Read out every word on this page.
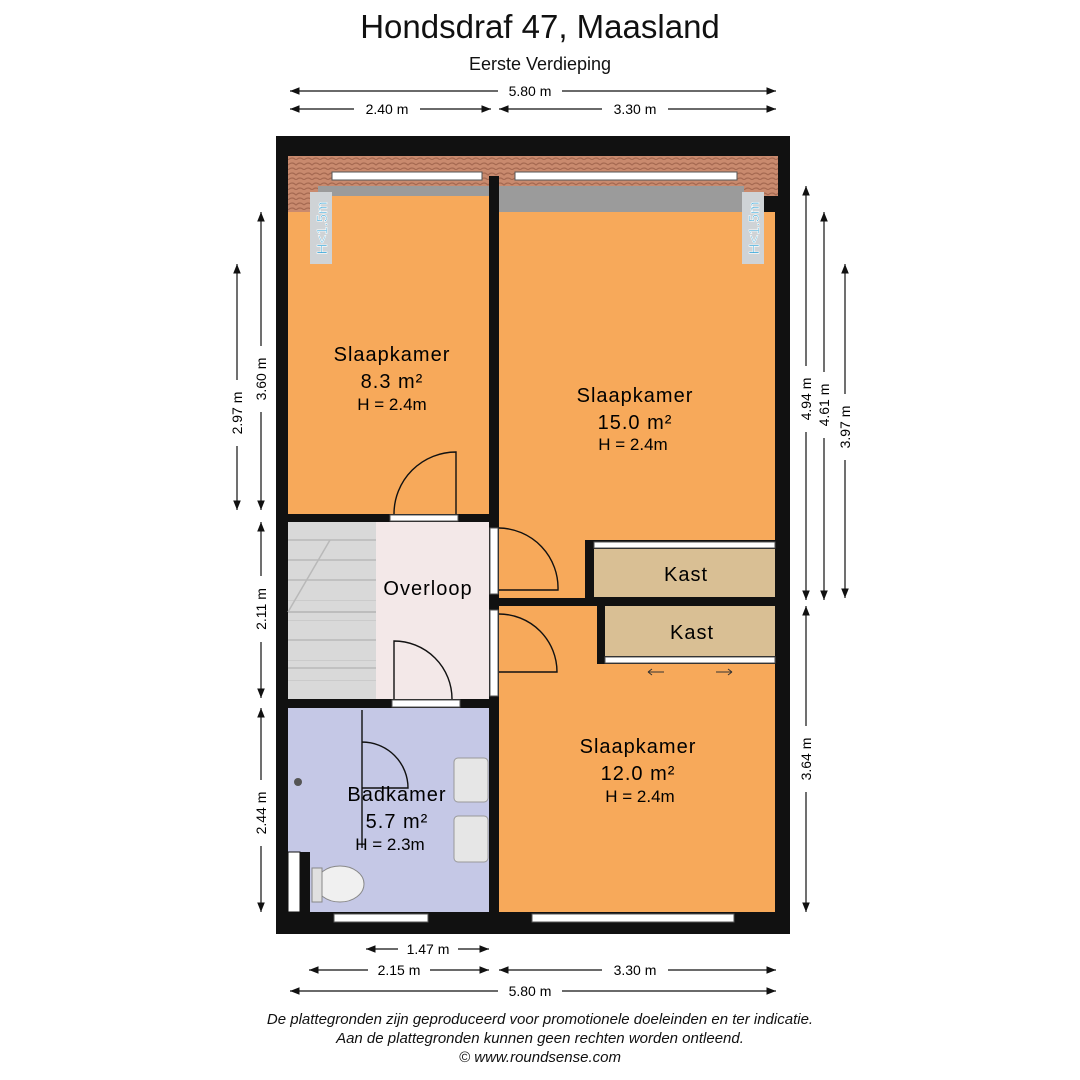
Hondsdraf 47, Maasland
Eerste Verdieping
H<1.5m	H<1.5m
Slaapkamer
8.3 m²
H = 2.4m	Slaapkamer
15.0 m²
H = 2.4m
Slaapkamer
12.0 m²
H = 2.4m
Overloop
Badkamer
5.7 m²
H = 2.3m
Kast
Kast
5.80 m
2.40 m	3.30 m
1.47 m
2.15 m	3.30 m
5.80 m
2.97 m
3.60 m
2.11 m
2.44 m
4.94 m 4.61 m
3.97 m
3.64 m
De plattegronden zijn geproduceerd voor promotionele doeleinden en ter indicatie.
Aan de plattegronden kunnen geen rechten worden ontleend.
© www.roundsense.com
